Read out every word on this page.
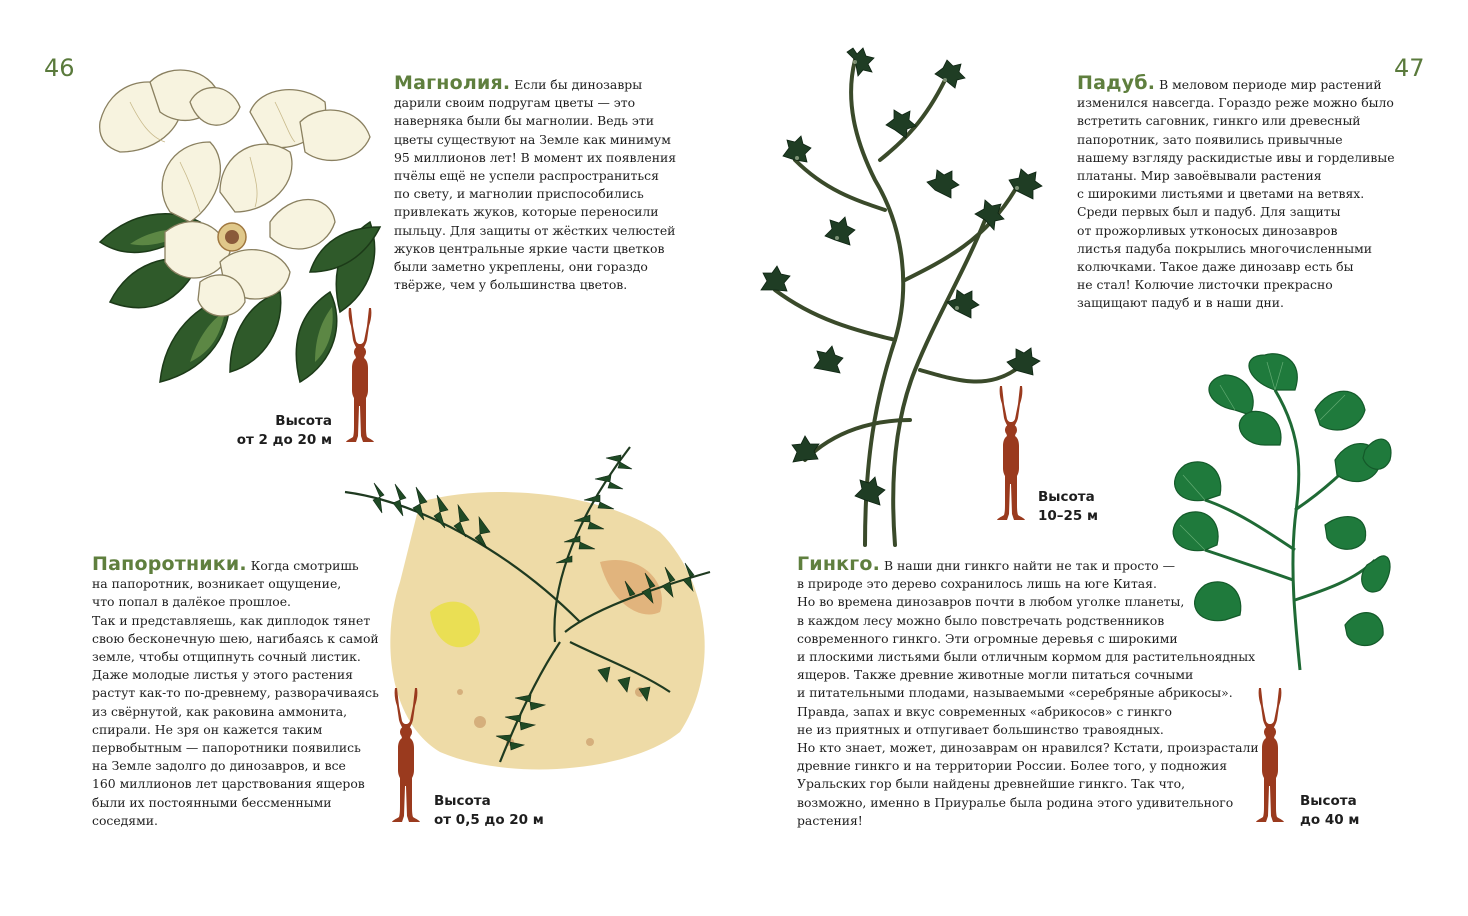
46	47
Магнолия. Если бы динозавры
дарили своим подругам цветы — это
наверняка были бы магнолии. Ведь эти
цветы существуют на Земле как минимум
95 миллионов лет! В момент их появления
пчёлы ещё не успели распространиться
по свету, и магнолии приспособились
привлекать жуков, которые переносили
пыльцу. Для защиты от жёстких челюстей
жуков центральные яркие части цветков
были заметно укреплены, они гораздо
твёрже, чем у большинства цветов.
Высота
от 2 до 20 м
Папоротники. Когда смотришь
на папоротник, возникает ощущение,
что попал в далёкое прошлое.
Так и представляешь, как диплодок тянет
свою бесконечную шею, нагибаясь к самой
земле, чтобы отщипнуть сочный листик.
Даже молодые листья у этого растения
растут как-то по-древнему, разворачиваясь
из свёрнутой, как раковина аммонита,
спирали. Не зря он кажется таким
первобытным — папоротники появились
на Земле задолго до динозавров, и все
160 миллионов лет царствования ящеров
были их постоянными бессменными
соседями.
Высота
от 0,5 до 20 м
Падуб. В меловом периоде мир растений
изменился навсегда. Гораздо реже можно было
встретить саговник, гинкго или древесный
папоротник, зато появились привычные
нашему взгляду раскидистые ивы и горделивые
платаны. Мир завоёвывали растения
с широкими листьями и цветами на ветвях.
Среди первых был и падуб. Для защиты
от прожорливых утконосых динозавров
листья падуба покрылись многочисленными
колючками. Такое даже динозавр есть бы
не стал! Колючие листочки прекрасно
защищают падуб и в наши дни.
Высота
10–25 м
Гинкго. В наши дни гинкго найти не так и просто —
в природе это дерево сохранилось лишь на юге Китая.
Но во времена динозавров почти в любом уголке планеты,
в каждом лесу можно было повстречать родственников
современного гинкго. Эти огромные деревья с широкими
и плоскими листьями были отличным кормом для растительноядных
ящеров. Также древние животные могли питаться сочными
и питательными плодами, называемыми «серебряные абрикосы».
Правда, запах и вкус современных «абрикосов» с гинкго
не из приятных и отпугивает большинство травоядных.
Но кто знает, может, динозаврам он нравился? Кстати, произрастали
древние гинкго и на территории России. Более того, у подножия
Уральских гор были найдены древнейшие гинкго. Так что,
возможно, именно в Приуралье была родина этого удивительного
растения!
Высота
до 40 м
